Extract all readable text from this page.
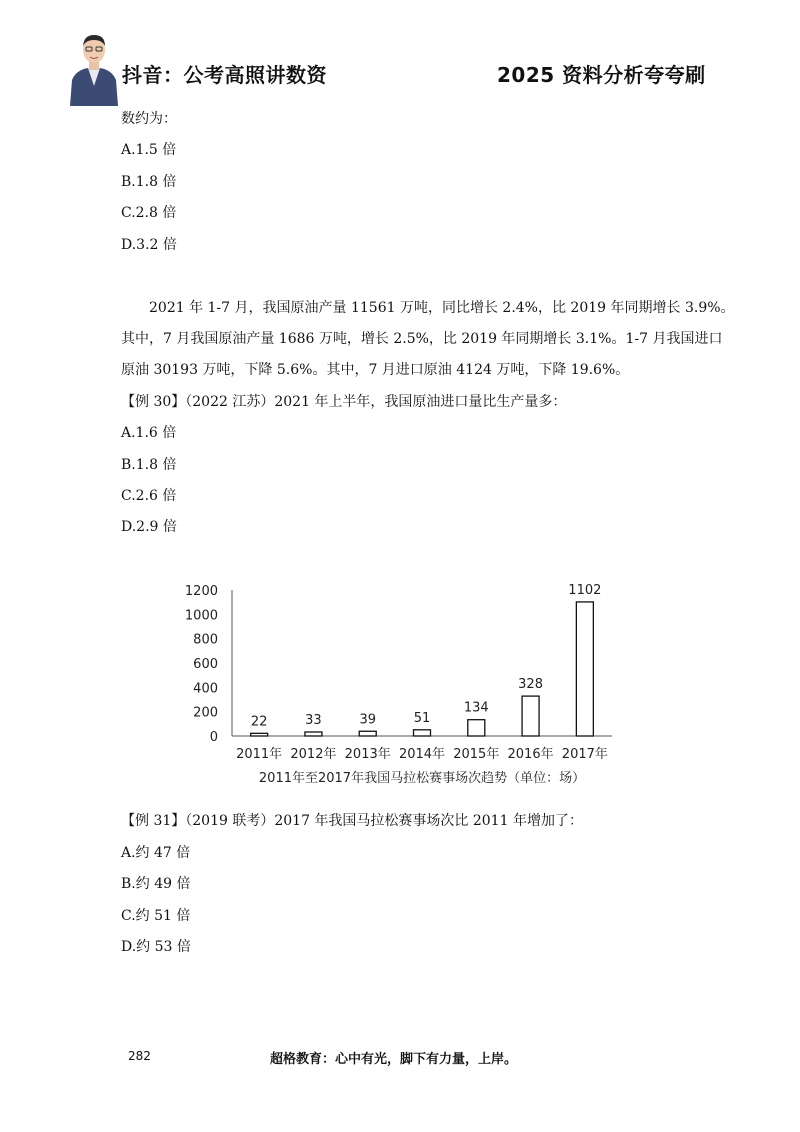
抖音：公考高照讲数资	2025 资料分析夸夸刷
数约为：
A.1.5 倍
B.1.8 倍
C.2.8 倍
D.3.2 倍
2021 年 1-7 月，我国原油产量 11561 万吨，同比增长 2.4%，比 2019 年同期增长 3.9%。
其中，7 月我国原油产量 1686 万吨，增长 2.5%，比 2019 年同期增长 3.1%。1-7 月我国进口
原油 30193 万吨，下降 5.6%。其中，7 月进口原油 4124 万吨，下降 19.6%。
【例 30】（2022 江苏）2021 年上半年，我国原油进口量比生产量多：
A.1.6 倍
B.1.8 倍
C.2.6 倍
D.2.9 倍
0
200
400
600
800
1000
1200
22
2011年
33
2012年
39
2013年
51
2014年
134
2015年
328
2016年
1102
2017年
2011年至2017年我国马拉松赛事场次趋势（单位：场）
【例 31】（2019 联考）2017 年我国马拉松赛事场次比 2011 年增加了：
A.约 47 倍
B.约 49 倍
C.约 51 倍
D.约 53 倍
282	超格教育：心中有光，脚下有力量，上岸。
